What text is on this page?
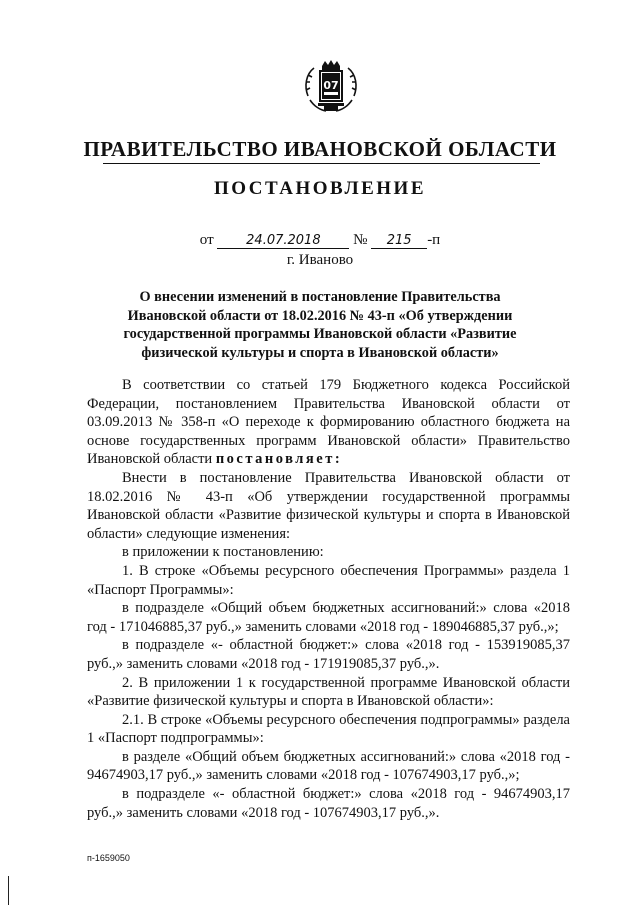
07
ПРАВИТЕЛЬСТВО ИВАНОВСКОЙ ОБЛАСТИ
ПОСТАНОВЛЕНИЕ
от	24.07.2018 № 215 -п
г. Иваново
О внесении изменений в постановление Правительства Ивановской области от 18.02.2016 № 43-п «Об утверждении государственной программы Ивановской области «Развитие физической культуры и спорта в Ивановской области»

В соответствии со статьей 179 Бюджетного кодекса Российской Федерации, постановлением Правительства Ивановской области от 03.09.2013 № 358-п «О переходе к формированию областного бюджета на основе государственных программ Ивановской области» Правительство Ивановской области постановляет:

Внести в постановление Правительства Ивановской области от 18.02.2016 № 43-п «Об утверждении государственной программы Ивановской области «Развитие физической культуры и спорта в Ивановской области» следующие изменения:

в приложении к постановлению:

1. В строке «Объемы ресурсного обеспечения Программы» раздела 1 «Паспорт Программы»:

в подразделе «Общий объем бюджетных ассигнований:» слова «2018 год - 171046885,37 руб.,» заменить словами «2018 год - 189046885,37 руб.,»;

в подразделе «- областной бюджет:» слова «2018 год - 153919085,37 руб.,» заменить словами «2018 год - 171919085,37 руб.,».

2. В приложении 1 к государственной программе Ивановской области «Развитие физической культуры и спорта в Ивановской области»:

2.1. В строке «Объемы ресурсного обеспечения подпрограммы» раздела 1 «Паспорт подпрограммы»:

в разделе «Общий объем бюджетных ассигнований:» слова «2018 год - 94674903,17 руб.,» заменить словами «2018 год - 107674903,17 руб.,»;

в подразделе «- областной бюджет:» слова «2018 год - 94674903,17 руб.,» заменить словами «2018 год - 107674903,17 руб.,».

п-1659050
